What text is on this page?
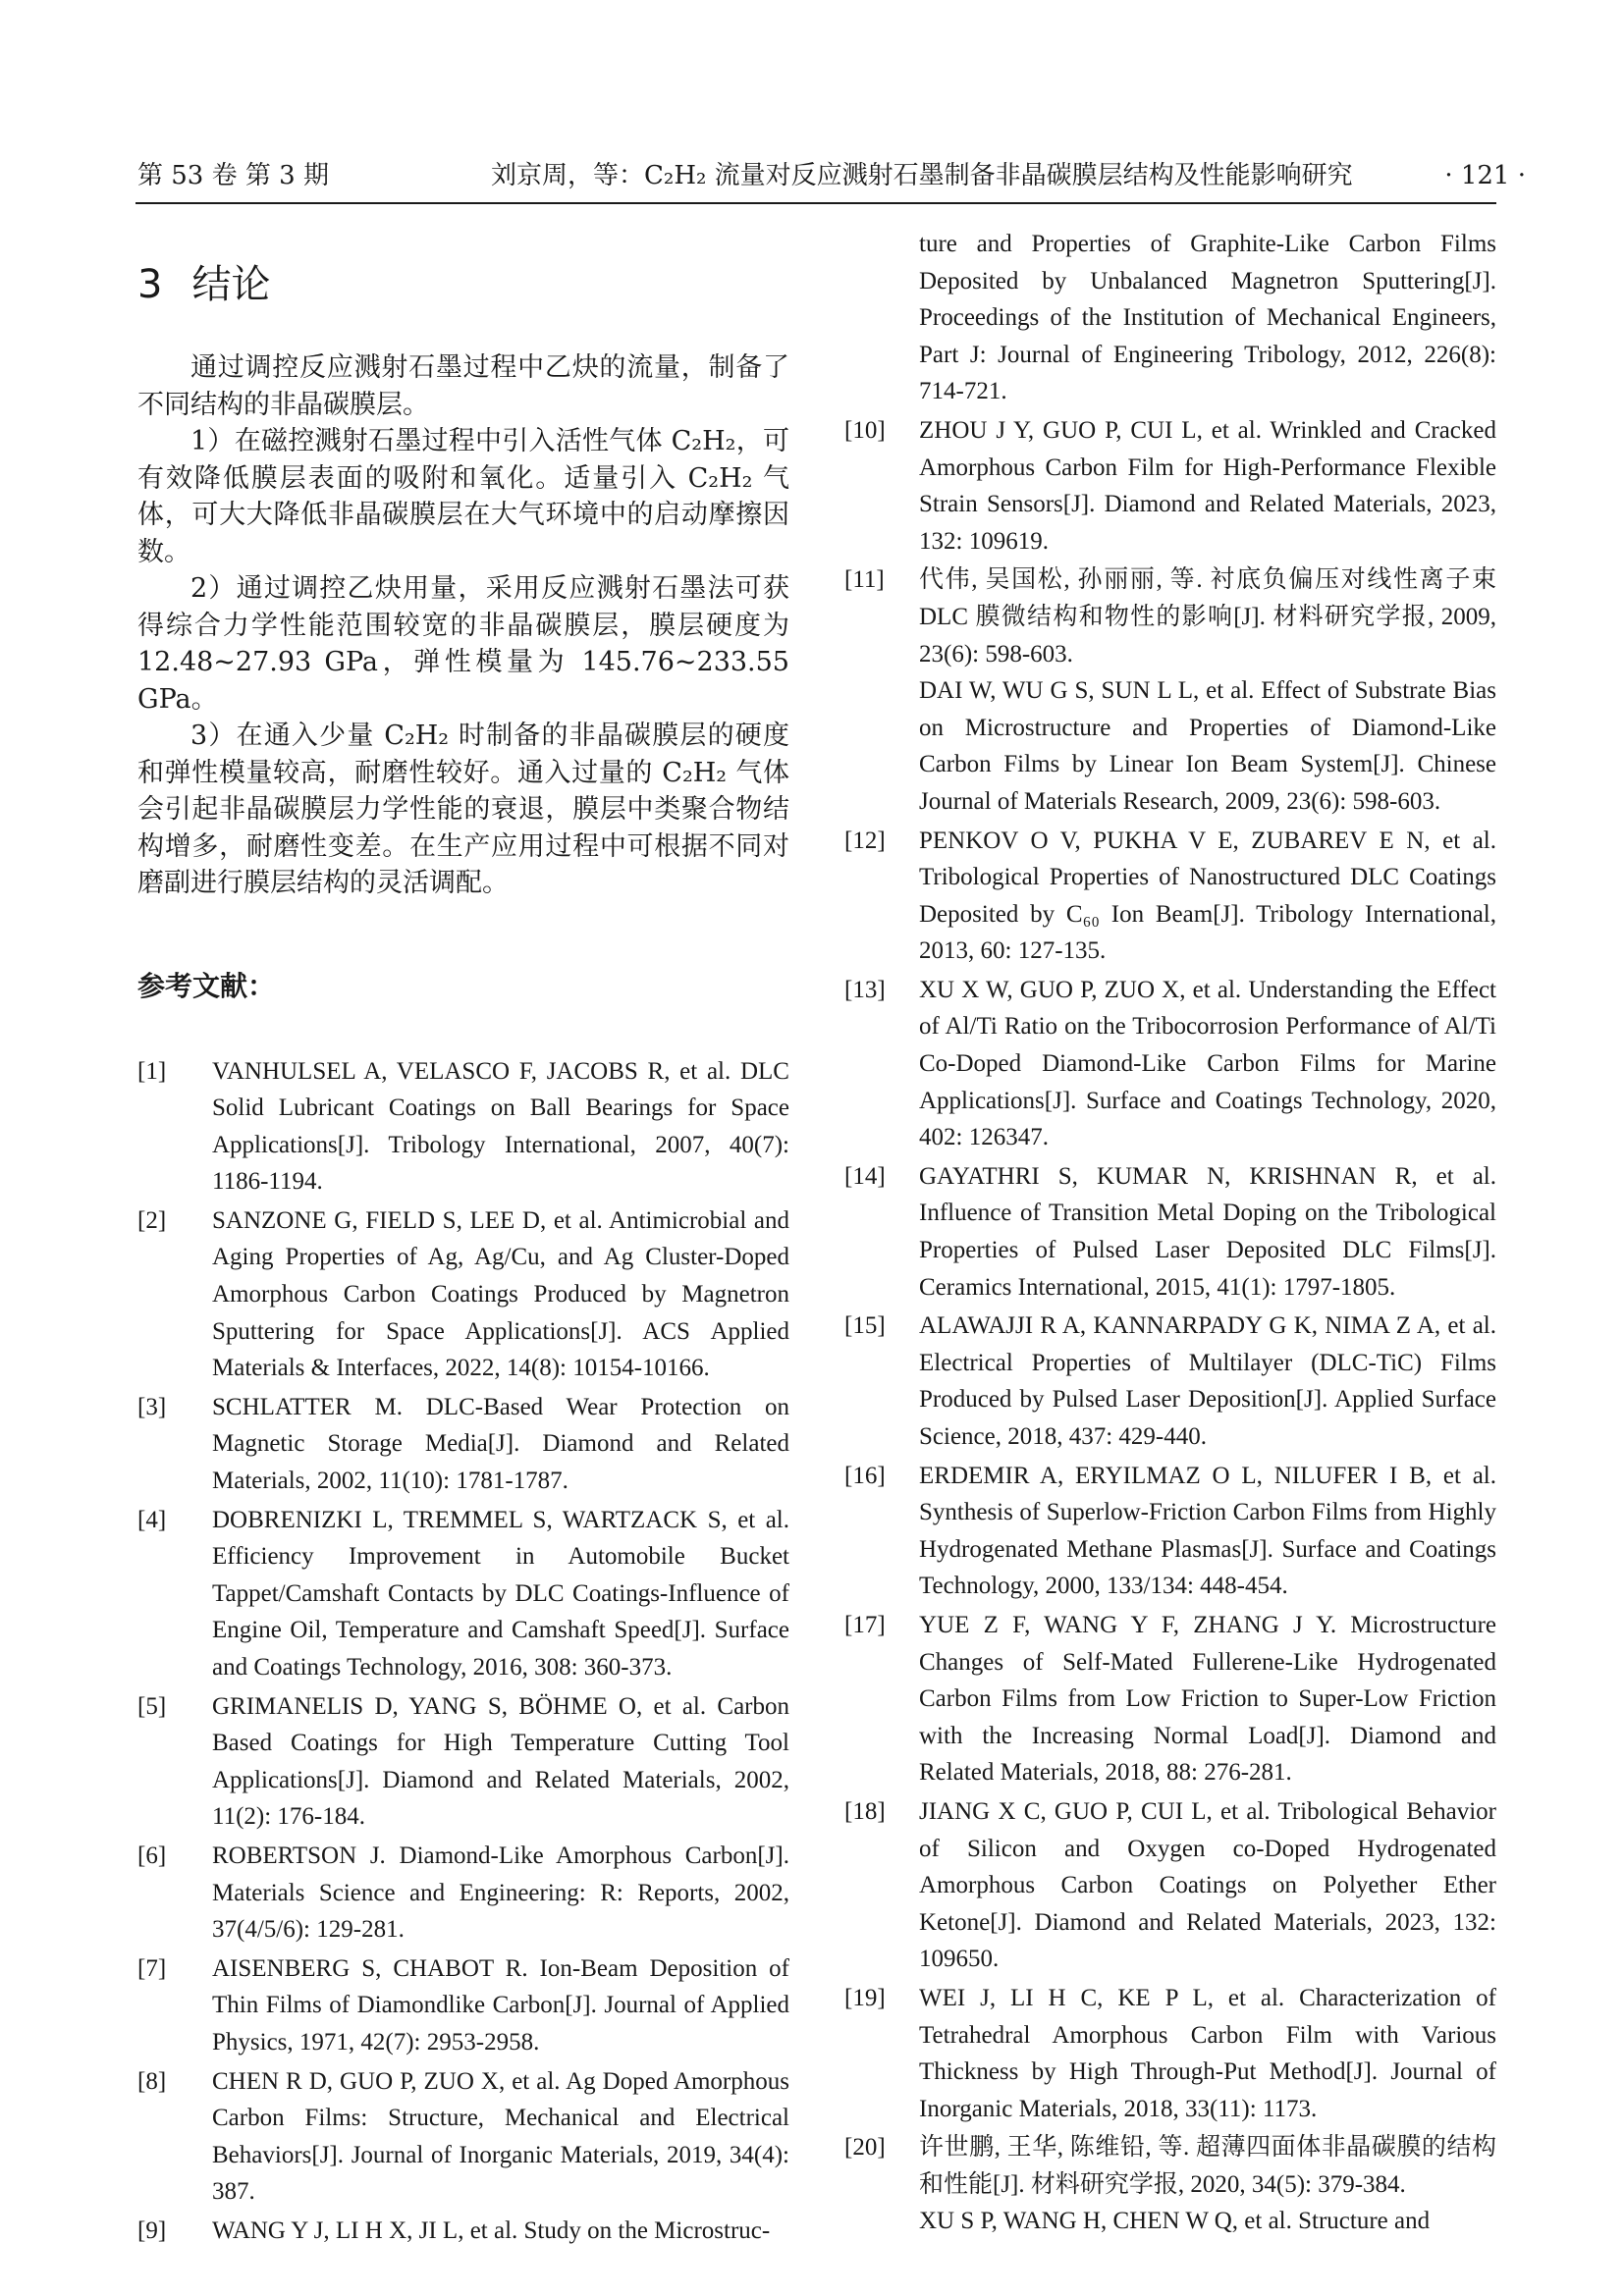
第 53 卷 第 3 期	刘京周，等：C₂H₂ 流量对反应溅射石墨制备非晶碳膜层结构及性能影响研究	· 121 ·
3 结论

通过调控反应溅射石墨过程中乙炔的流量，制备了不同结构的非晶碳膜层。

1）在磁控溅射石墨过程中引入活性气体 C₂H₂，可有效降低膜层表面的吸附和氧化。适量引入 C₂H₂ 气体，可大大降低非晶碳膜层在大气环境中的启动摩擦因数。

2）通过调控乙炔用量，采用反应溅射石墨法可获得综合力学性能范围较宽的非晶碳膜层，膜层硬度为 12.48~27.93 GPa，弹性模量为 145.76~233.55 GPa。

3）在通入少量 C₂H₂ 时制备的非晶碳膜层的硬度和弹性模量较高，耐磨性较好。通入过量的 C₂H₂ 气体会引起非晶碳膜层力学性能的衰退，膜层中类聚合物结构增多，耐磨性变差。在生产应用过程中可根据不同对磨副进行膜层结构的灵活调配。

参考文献：
[1]	VANHULSEL A, VELASCO F, JACOBS R, et al. DLC Solid Lubricant Coatings on Ball Bearings for Space Applications[J]. Tribology International, 2007, 40(7): 1186-1194.
[2]	SANZONE G, FIELD S, LEE D, et al. Antimicrobial and Aging Properties of Ag, Ag/Cu, and Ag Cluster-Doped Amorphous Carbon Coatings Produced by Magnetron Sputtering for Space Applications[J]. ACS Applied Materials & Interfaces, 2022, 14(8): 10154-10166.
[3]	SCHLATTER M. DLC-Based Wear Protection on Magnetic Storage Media[J]. Diamond and Related Materials, 2002, 11(10): 1781-1787.
[4]	DOBRENIZKI L, TREMMEL S, WARTZACK S, et al. Efficiency Improvement in Automobile Bucket Tappet/Camshaft Contacts by DLC Coatings-Influence of Engine Oil, Temperature and Camshaft Speed[J]. Surface and Coatings Technology, 2016, 308: 360-373.
[5]	GRIMANELIS D, YANG S, BÖHME O, et al. Carbon Based Coatings for High Temperature Cutting Tool Applications[J]. Diamond and Related Materials, 2002, 11(2): 176-184.
[6]	ROBERTSON J. Diamond-Like Amorphous Carbon[J]. Materials Science and Engineering: R: Reports, 2002, 37(4/5/6): 129-281.
[7]	AISENBERG S, CHABOT R. Ion-Beam Deposition of Thin Films of Diamondlike Carbon[J]. Journal of Applied Physics, 1971, 42(7): 2953-2958.
[8]	CHEN R D, GUO P, ZUO X, et al. Ag Doped Amorphous Carbon Films: Structure, Mechanical and Electrical Behaviors[J]. Journal of Inorganic Materials, 2019, 34(4): 387.
[9]	WANG Y J, LI H X, JI L, et al. Study on the Microstruc-
ture and Properties of Graphite-Like Carbon Films Deposited by Unbalanced Magnetron Sputtering[J]. Proceedings of the Institution of Mechanical Engineers, Part J: Journal of Engineering Tribology, 2012, 226(8): 714-721.
[10]	ZHOU J Y, GUO P, CUI L, et al. Wrinkled and Cracked Amorphous Carbon Film for High-Performance Flexible Strain Sensors[J]. Diamond and Related Materials, 2023, 132: 109619.
[11]	代伟, 吴国松, 孙丽丽, 等. 衬底负偏压对线性离子束 DLC 膜微结构和物性的影响[J]. 材料研究学报, 2009, 23(6): 598-603.
DAI W, WU G S, SUN L L, et al. Effect of Substrate Bias on Microstructure and Properties of Diamond-Like Carbon Films by Linear Ion Beam System[J]. Chinese Journal of Materials Research, 2009, 23(6): 598-603.
[12]	PENKOV O V, PUKHA V E, ZUBAREV E N, et al. Tribological Properties of Nanostructured DLC Coatings Deposited by C₆₀ Ion Beam[J]. Tribology International, 2013, 60: 127-135.
[13]	XU X W, GUO P, ZUO X, et al. Understanding the Effect of Al/Ti Ratio on the Tribocorrosion Performance of Al/Ti Co-Doped Diamond-Like Carbon Films for Marine Applications[J]. Surface and Coatings Technology, 2020, 402: 126347.
[14]	GAYATHRI S, KUMAR N, KRISHNAN R, et al. Influence of Transition Metal Doping on the Tribological Properties of Pulsed Laser Deposited DLC Films[J]. Ceramics International, 2015, 41(1): 1797-1805.
[15]	ALAWAJJI R A, KANNARPADY G K, NIMA Z A, et al. Electrical Properties of Multilayer (DLC-TiC) Films Produced by Pulsed Laser Deposition[J]. Applied Surface Science, 2018, 437: 429-440.
[16]	ERDEMIR A, ERYILMAZ O L, NILUFER I B, et al. Synthesis of Superlow-Friction Carbon Films from Highly Hydrogenated Methane Plasmas[J]. Surface and Coatings Technology, 2000, 133/134: 448-454.
[17]	YUE Z F, WANG Y F, ZHANG J Y. Microstructure Changes of Self-Mated Fullerene-Like Hydrogenated Carbon Films from Low Friction to Super-Low Friction with the Increasing Normal Load[J]. Diamond and Related Materials, 2018, 88: 276-281.
[18]	JIANG X C, GUO P, CUI L, et al. Tribological Behavior of Silicon and Oxygen co-Doped Hydrogenated Amorphous Carbon Coatings on Polyether Ether Ketone[J]. Diamond and Related Materials, 2023, 132: 109650.
[19]	WEI J, LI H C, KE P L, et al. Characterization of Tetrahedral Amorphous Carbon Film with Various Thickness by High Through-Put Method[J]. Journal of Inorganic Materials, 2018, 33(11): 1173.
[20]	许世鹏, 王华, 陈维铅, 等. 超薄四面体非晶碳膜的结构和性能[J]. 材料研究学报, 2020, 34(5): 379-384.
XU S P, WANG H, CHEN W Q, et al. Structure and
